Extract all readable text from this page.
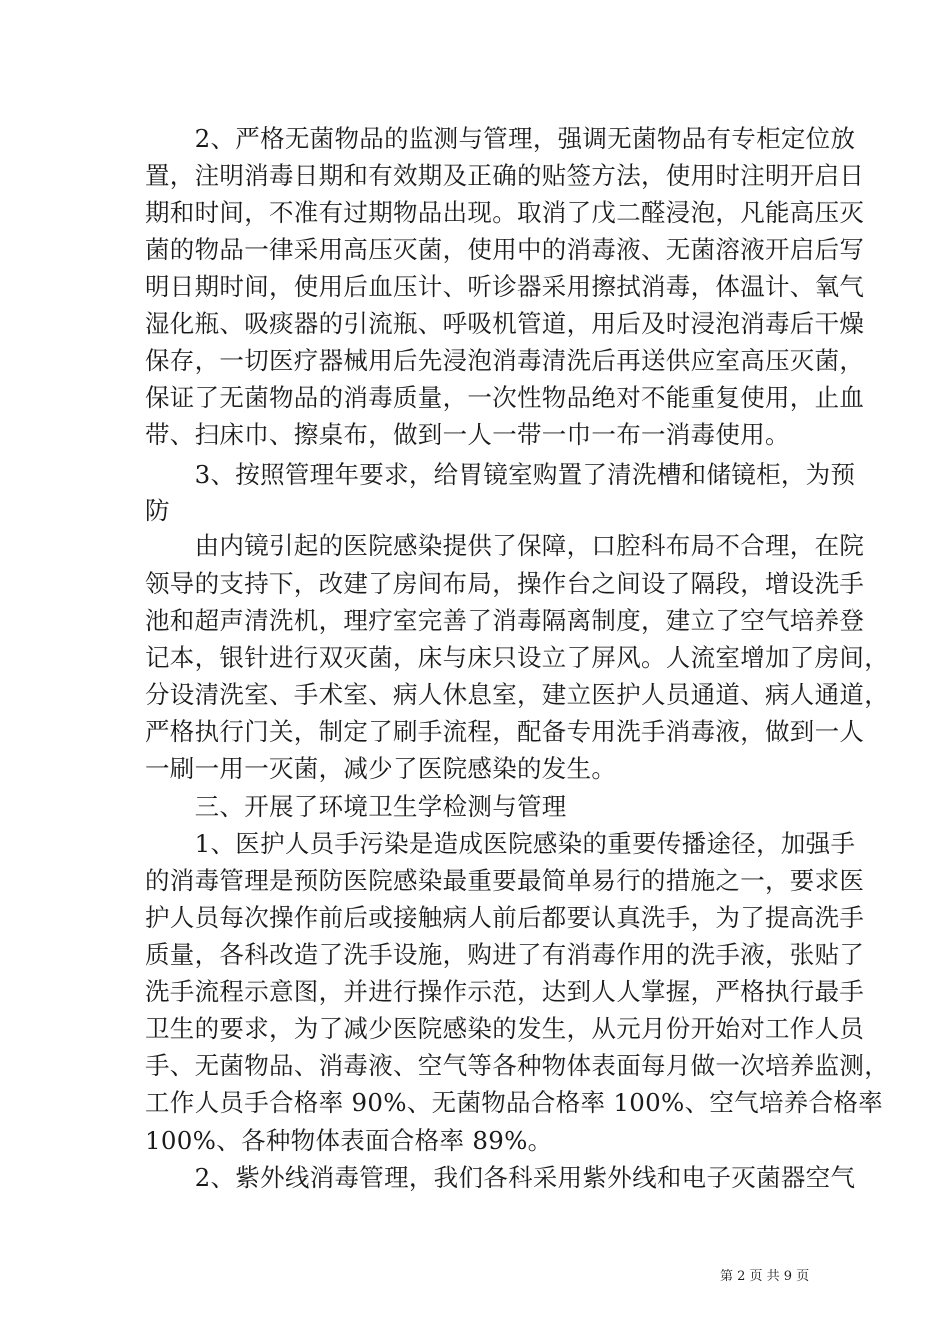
　　2、严格无菌物品的监测与管理，强调无菌物品有专柜定位放
置，注明消毒日期和有效期及正确的贴签方法，使用时注明开启日
期和时间，不准有过期物品出现。取消了戊二醛浸泡，凡能高压灭
菌的物品一律采用高压灭菌，使用中的消毒液、无菌溶液开启后写
明日期时间，使用后血压计、听诊器采用擦拭消毒，体温计、氧气
湿化瓶、吸痰器的引流瓶、呼吸机管道，用后及时浸泡消毒后干燥
保存，一切医疗器械用后先浸泡消毒清洗后再送供应室高压灭菌，
保证了无菌物品的消毒质量，一次性物品绝对不能重复使用，止血
带、扫床巾、擦桌布，做到一人一带一巾一布一消毒使用。
　　3、按照管理年要求，给胃镜室购置了清洗槽和储镜柜，为预
防
　　由内镜引起的医院感染提供了保障，口腔科布局不合理，在院
领导的支持下，改建了房间布局，操作台之间设了隔段，增设洗手
池和超声清洗机，理疗室完善了消毒隔离制度，建立了空气培养登
记本，银针进行双灭菌，床与床只设立了屏风。人流室增加了房间，
分设清洗室、手术室、病人休息室，建立医护人员通道、病人通道，
严格执行门关，制定了刷手流程，配备专用洗手消毒液，做到一人
一刷一用一灭菌，减少了医院感染的发生。
　　三、开展了环境卫生学检测与管理
　　1、医护人员手污染是造成医院感染的重要传播途径，加强手
的消毒管理是预防医院感染最重要最简单易行的措施之一，要求医
护人员每次操作前后或接触病人前后都要认真洗手，为了提高洗手
质量，各科改造了洗手设施，购进了有消毒作用的洗手液，张贴了
洗手流程示意图，并进行操作示范，达到人人掌握，严格执行最手
卫生的要求，为了减少医院感染的发生，从元月份开始对工作人员
手、无菌物品、消毒液、空气等各种物体表面每月做一次培养监测，
工作人员手合格率 90%、无菌物品合格率 100%、空气培养合格率
100%、各种物体表面合格率 89%。
　　2、紫外线消毒管理，我们各科采用紫外线和电子灭菌器空气
第 2 页 共 9 页
